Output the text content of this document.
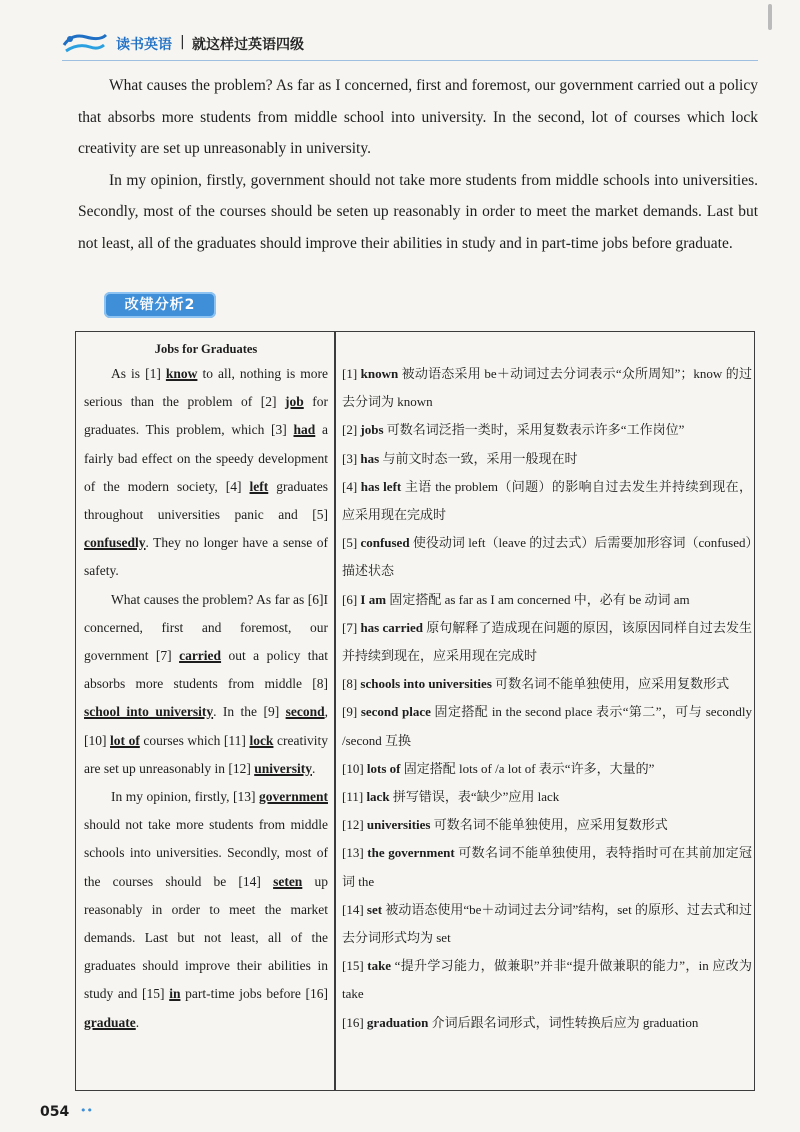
读书英语 | 就这样过英语四级

What causes the problem? As far as I concerned, first and foremost, our government carried out a policy that absorbs more students from middle school into university. In the second, lot of courses which lock creativity are set up unreasonably in university.

In my opinion, firstly, government should not take more students from middle schools into universities. Secondly, most of the courses should be seten up reasonably in order to meet the market demands. Last but not least, all of the graduates should improve their abilities in study and in part-time jobs before graduate.

改错分析2

Jobs for Graduates

As is [1] know to all, nothing is more serious than the problem of [2] job for graduates. This problem, which [3] had a fairly bad effect on the speedy development of the modern society, [4] left graduates throughout universities panic and [5] confusedly. They no longer have a sense of safety.

What causes the problem? As far as [6]I concerned, first and foremost, our government [7] carried out a policy that absorbs more students from middle [8] school into university. In the [9] second, [10] lot of courses which [11] lock creativity are set up unreasonably in [12] university.

In my opinion, firstly, [13] government should not take more students from middle schools into universities. Secondly, most of the courses should be [14] seten up reasonably in order to meet the market demands. Last but not least, all of the graduates should improve their abilities in study and [15] in part-time jobs before [16] graduate.

[1] known 被动语态采用 be＋动词过去分词表示“众所周知”；know 的过去分词为 known

[2] jobs 可数名词泛指一类时，采用复数表示许多“工作岗位”

[3] has 与前文时态一致，采用一般现在时

[4] has left 主语 the problem（问题）的影响自过去发生并持续到现在，应采用现在完成时

[5] confused 使役动词 left（leave 的过去式）后需要加形容词（confused）描述状态

[6] I am 固定搭配 as far as I am concerned 中，必有 be 动词 am

[7] has carried 原句解释了造成现在问题的原因，该原因同样自过去发生并持续到现在，应采用现在完成时

[8] schools into universities 可数名词不能单独使用，应采用复数形式

[9] second place 固定搭配 in the second place 表示“第二”，可与 secondly /second 互换

[10] lots of 固定搭配 lots of /a lot of 表示“许多，大量的”

[11] lack 拼写错误，表“缺少”应用 lack

[12] universities 可数名词不能单独使用，应采用复数形式

[13] the government 可数名词不能单独使用，表特指时可在其前加定冠词 the

[14] set 被动语态使用“be＋动词过去分词”结构，set 的原形、过去式和过去分词形式均为 set

[15] take “提升学习能力，做兼职”并非“提升做兼职的能力”，in 应改为 take

[16] graduation 介词后跟名词形式，词性转换后应为 graduation

054 ••
